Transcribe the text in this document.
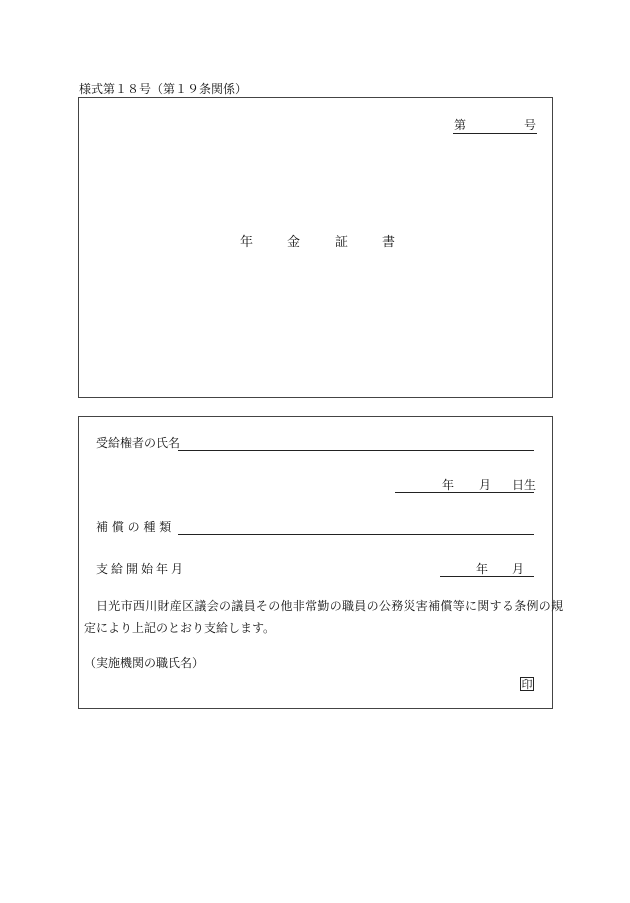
様式第１８号（第１９条関係）
第	号
年	金	証	書
受給権者の氏名
年 月 日生
補 償 の 種 類
支給開始年月	年 月
日光市西川財産区議会の議員その他非常勤の職員の公務災害補償等に関する条例の規
定により上記のとおり支給します。
（実施機関の職氏名）
印
